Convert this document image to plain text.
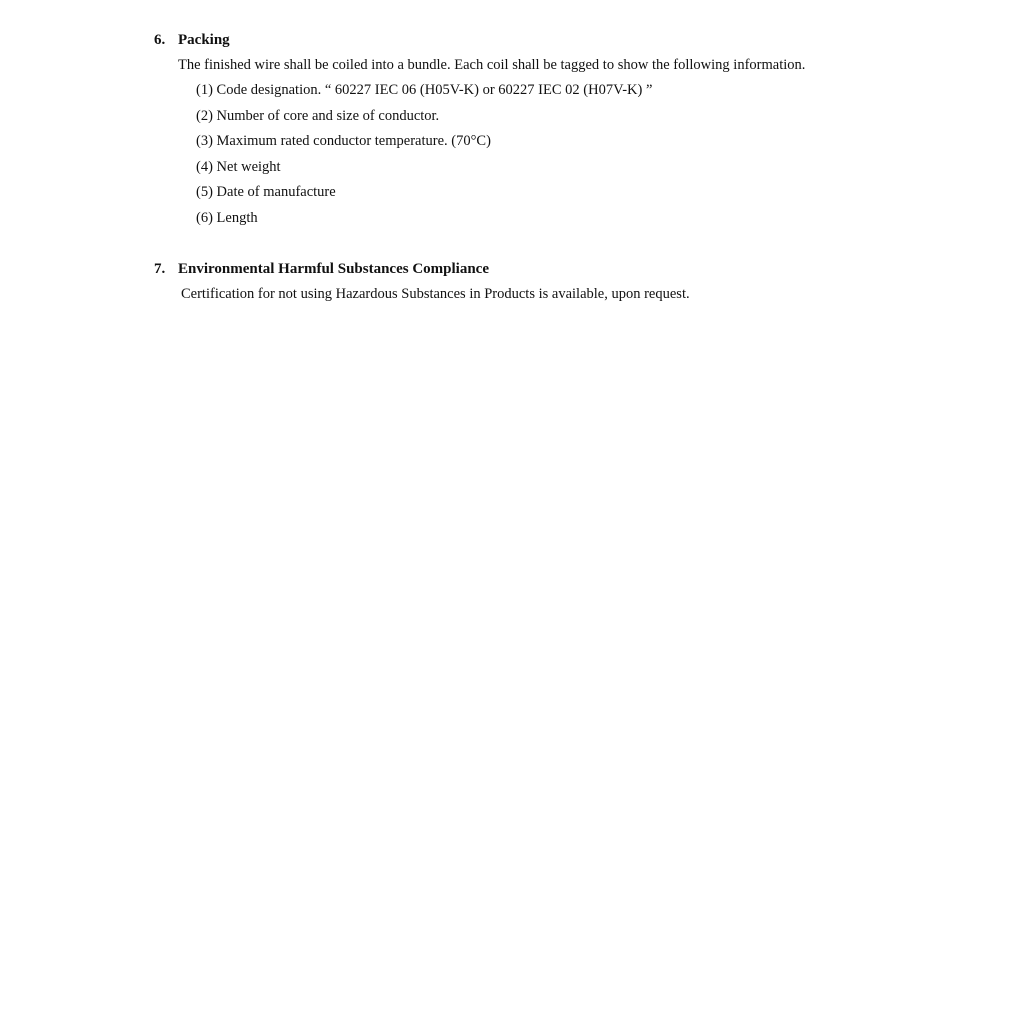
6. Packing
The finished wire shall be coiled into a bundle. Each coil shall be tagged to show the following information.
(1) Code designation. “ 60227 IEC 06 (H05V-K) or 60227 IEC 02 (H07V-K) ”
(2) Number of core and size of conductor.
(3) Maximum rated conductor temperature. (70°C)
(4) Net weight
(5) Date of manufacture
(6) Length
7. Environmental Harmful Substances Compliance
Certification for not using Hazardous Substances in Products is available, upon request.
